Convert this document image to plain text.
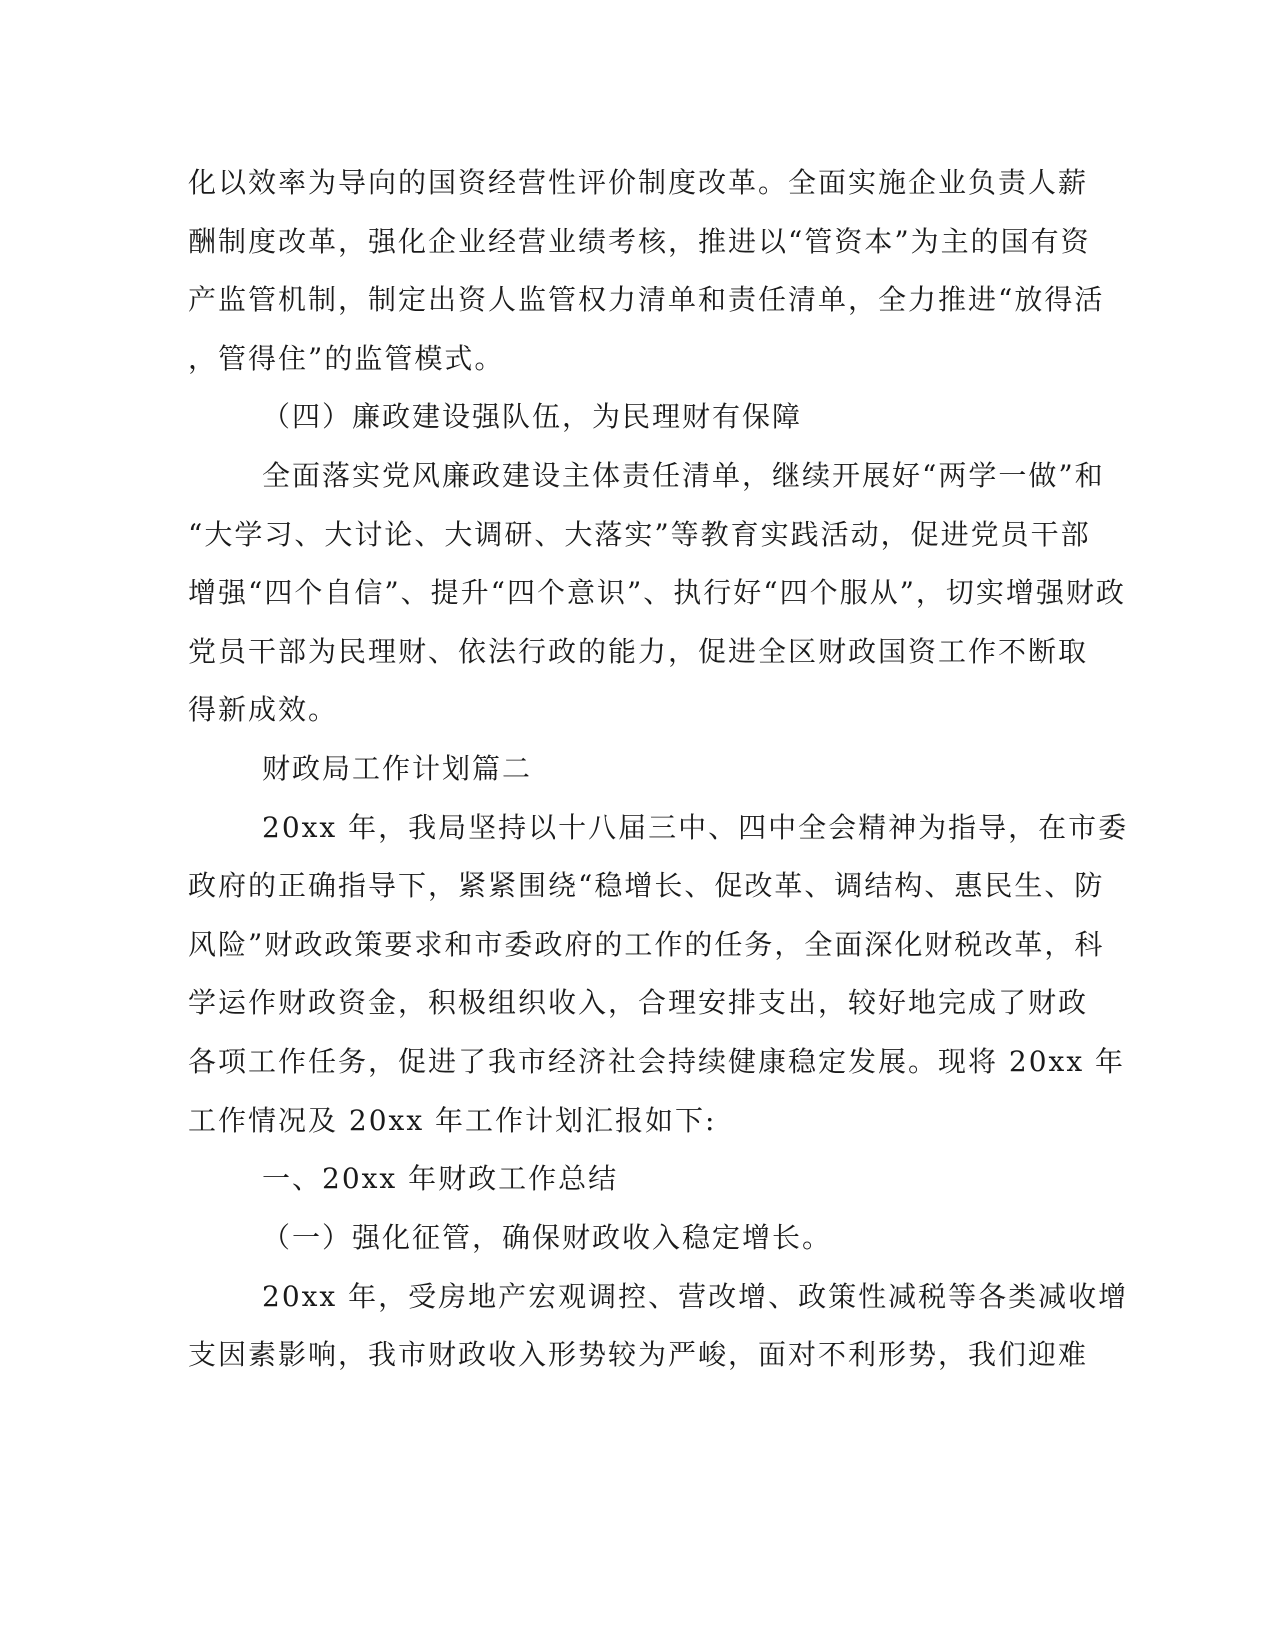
化以效率为导向的国资经营性评价制度改革。全面实施企业负责人薪
酬制度改革，强化企业经营业绩考核，推进以“管资本”为主的国有资
产监管机制，制定出资人监管权力清单和责任清单，全力推进“放得活
，管得住”的监管模式。
（四）廉政建设强队伍，为民理财有保障
全面落实党风廉政建设主体责任清单，继续开展好“两学一做”和
“大学习、大讨论、大调研、大落实”等教育实践活动，促进党员干部
增强“四个自信”、提升“四个意识”、执行好“四个服从”，切实增强财政
党员干部为民理财、依法行政的能力，促进全区财政国资工作不断取
得新成效。
财政局工作计划篇二
20xx 年，我局坚持以十八届三中、四中全会精神为指导，在市委
政府的正确指导下，紧紧围绕“稳增长、促改革、调结构、惠民生、防
风险”财政政策要求和市委政府的工作的任务，全面深化财税改革，科
学运作财政资金，积极组织收入，合理安排支出，较好地完成了财政
各项工作任务，促进了我市经济社会持续健康稳定发展。现将 20xx 年
工作情况及 20xx 年工作计划汇报如下:
一、20xx 年财政工作总结
（一）强化征管，确保财政收入稳定增长。
20xx 年，受房地产宏观调控、营改增、政策性减税等各类减收增
支因素影响，我市财政收入形势较为严峻，面对不利形势，我们迎难
